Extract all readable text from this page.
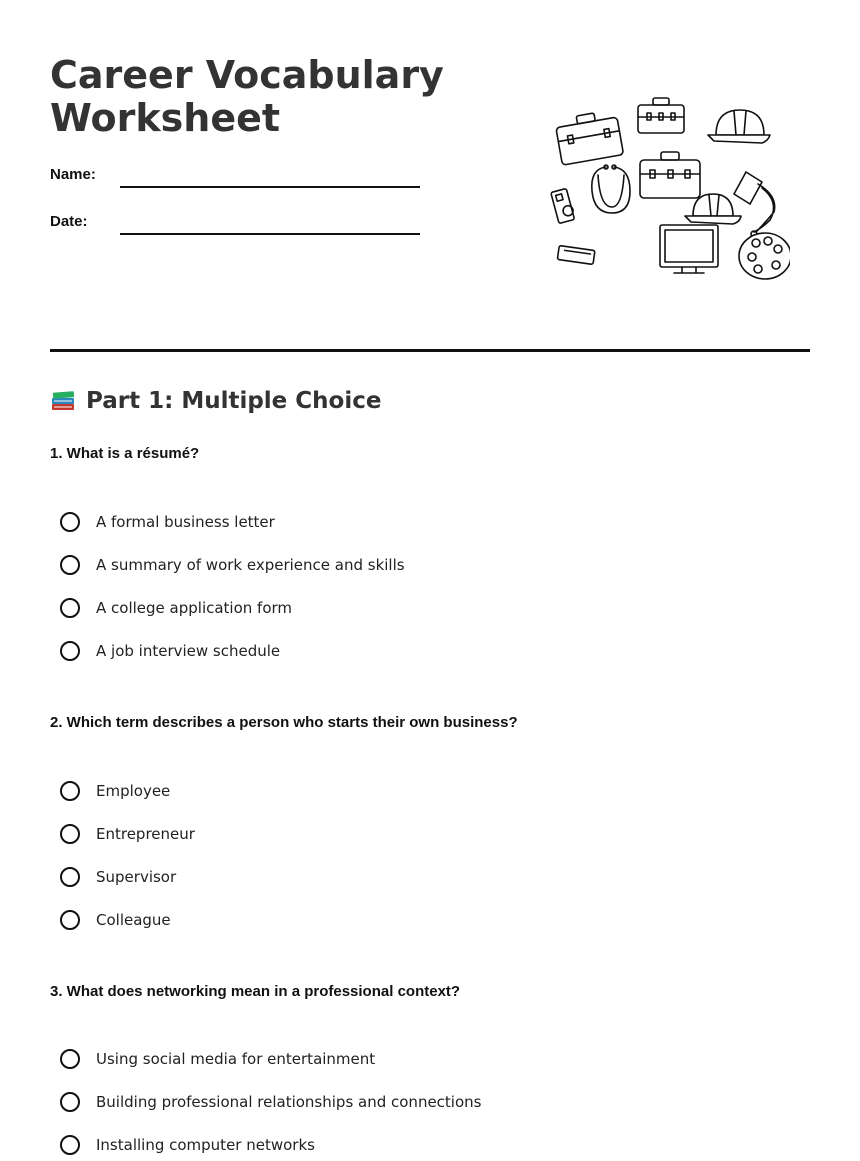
Career Vocabulary Worksheet
Name:
Date:
Part 1: Multiple Choice

1. What is a résumé?

A formal business letter
A summary of work experience and skills
A college application form
A job interview schedule

2. Which term describes a person who starts their own business?

Employee
Entrepreneur
Supervisor
Colleague

3. What does networking mean in a professional context?

Using social media for entertainment
Building professional relationships and connections
Installing computer networks
